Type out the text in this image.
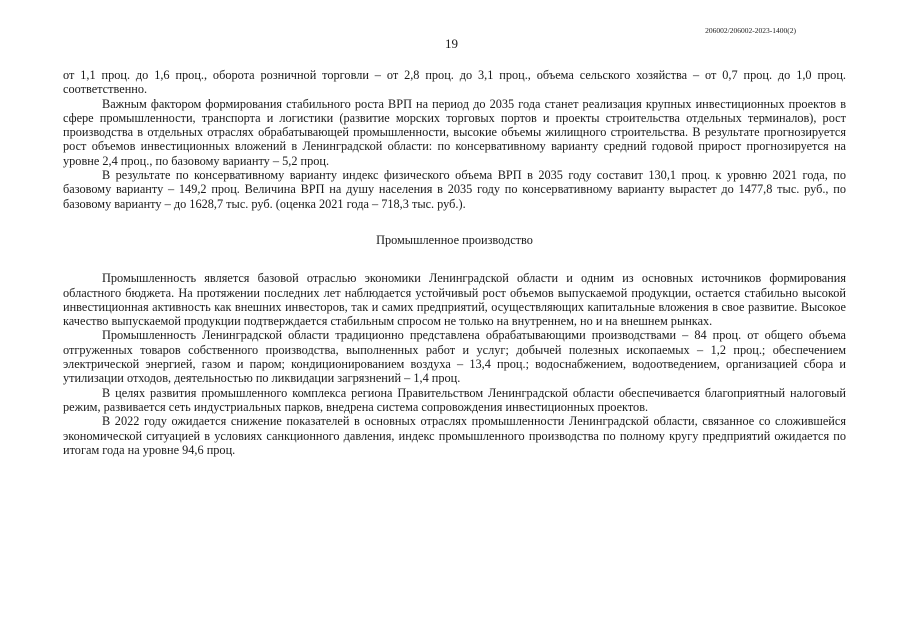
206002/206002-2023-1400(2)
19

от 1,1 проц. до 1,6 проц., оборота розничной торговли – от 2,8 проц. до 3,1 проц., объема сельского хозяйства – от 0,7 проц. до 1,0 проц. соответственно.

Важным фактором формирования стабильного роста ВРП на период до 2035 года станет реализация крупных инвестиционных проектов в сфере промышленности, транспорта и логистики (развитие морских торговых портов и проекты строительства отдельных терминалов), рост производства в отдельных отраслях обрабатывающей промышленности, высокие объемы жилищного строительства. В результате прогнозируется рост объемов инвестиционных вложений в Ленинградской области: по консервативному варианту средний годовой прирост прогнозируется на уровне 2,4 проц., по базовому варианту – 5,2 проц.

В результате по консервативному варианту индекс физического объема ВРП в 2035 году составит 130,1 проц. к уровню 2021 года, по базовому варианту – 149,2 проц. Величина ВРП на душу населения в 2035 году по консервативному варианту вырастет до 1477,8 тыс. руб., по базовому варианту – до 1628,7 тыс. руб. (оценка 2021 года – 718,3 тыс. руб.).

Промышленное производство

Промышленность является базовой отраслью экономики Ленинградской области и одним из основных источников формирования областного бюджета. На протяжении последних лет наблюдается устойчивый рост объемов выпускаемой продукции, остается стабильно высокой инвестиционная активность как внешних инвесторов, так и самих предприятий, осуществляющих капитальные вложения в свое развитие. Высокое качество выпускаемой продукции подтверждается стабильным спросом не только на внутреннем, но и на внешнем рынках.

Промышленность Ленинградской области традиционно представлена обрабатывающими производствами – 84 проц. от общего объема отгруженных товаров собственного производства, выполненных работ и услуг; добычей полезных ископаемых – 1,2 проц.; обеспечением электрической энергией, газом и паром; кондиционированием воздуха – 13,4 проц.; водоснабжением, водоотведением, организацией сбора и утилизации отходов, деятельностью по ликвидации загрязнений – 1,4 проц.

В целях развития промышленного комплекса региона Правительством Ленинградской области обеспечивается благоприятный налоговый режим, развивается сеть индустриальных парков, внедрена система сопровождения инвестиционных проектов.

В 2022 году ожидается снижение показателей в основных отраслях промышленности Ленинградской области, связанное со сложившейся экономической ситуацией в условиях санкционного давления, индекс промышленного производства по полному кругу предприятий ожидается по итогам года на уровне 94,6 проц.
